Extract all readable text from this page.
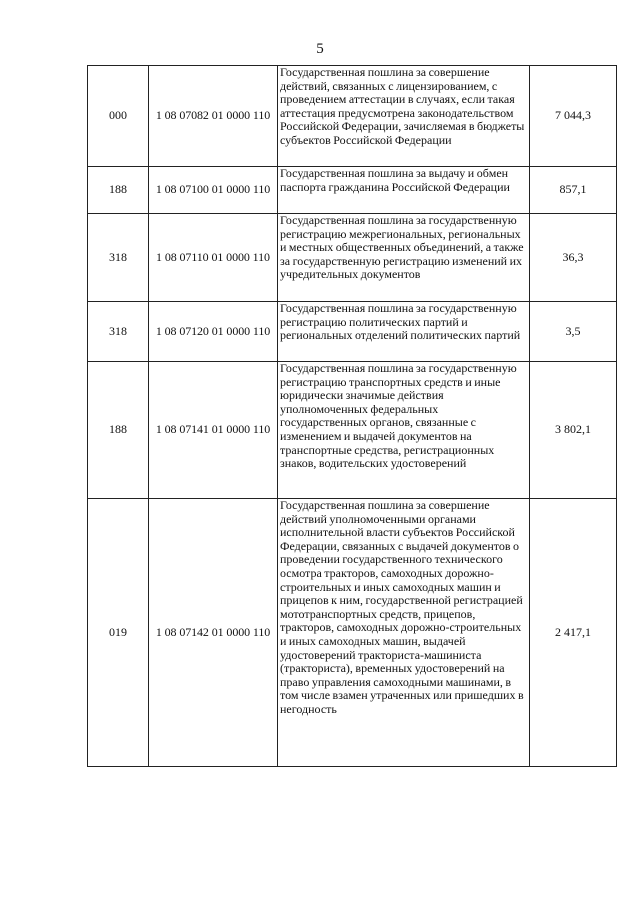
5
000	1 08 07082 01 0000 110	Государственная пошлина за совершение действий, связанных с лицензированием, с проведением аттестации в случаях, если такая аттестация предусмотрена законодательством Российской Федерации, зачисляемая в бюджеты субъектов Российской Федерации	7 044,3
188	1 08 07100 01 0000 110	Государственная пошлина за выдачу и обмен паспорта гражданина Российской Федерации	857,1
318	1 08 07110 01 0000 110	Государственная пошлина за государственную регистрацию межрегиональных, региональных и местных общественных объединений, а также за государственную регистрацию изменений их учредительных документов	36,3
318	1 08 07120 01 0000 110	Государственная пошлина за государственную регистрацию политических партий и региональных отделений политических партий	3,5
188	1 08 07141 01 0000 110	Государственная пошлина за государственную регистрацию транспортных средств и иные юридически значимые действия уполномоченных федеральных государственных органов, связанные с изменением и выдачей документов на транспортные средства, регистрационных знаков, водительских удостоверений	3 802,1
019	1 08 07142 01 0000 110	Государственная пошлина за совершение действий уполномоченными органами исполнительной власти субъектов Российской Федерации, связанных с выдачей документов о проведении государственного технического осмотра тракторов, самоходных дорожно-строительных и иных самоходных машин и прицепов к ним, государственной регистрацией мототранспортных средств, прицепов, тракторов, самоходных дорожно-строительных и иных самоходных машин, выдачей удостоверений тракториста-машиниста (тракториста), временных удостоверений на право управления самоходными машинами, в том числе взамен утраченных или пришедших в негодность	2 417,1
